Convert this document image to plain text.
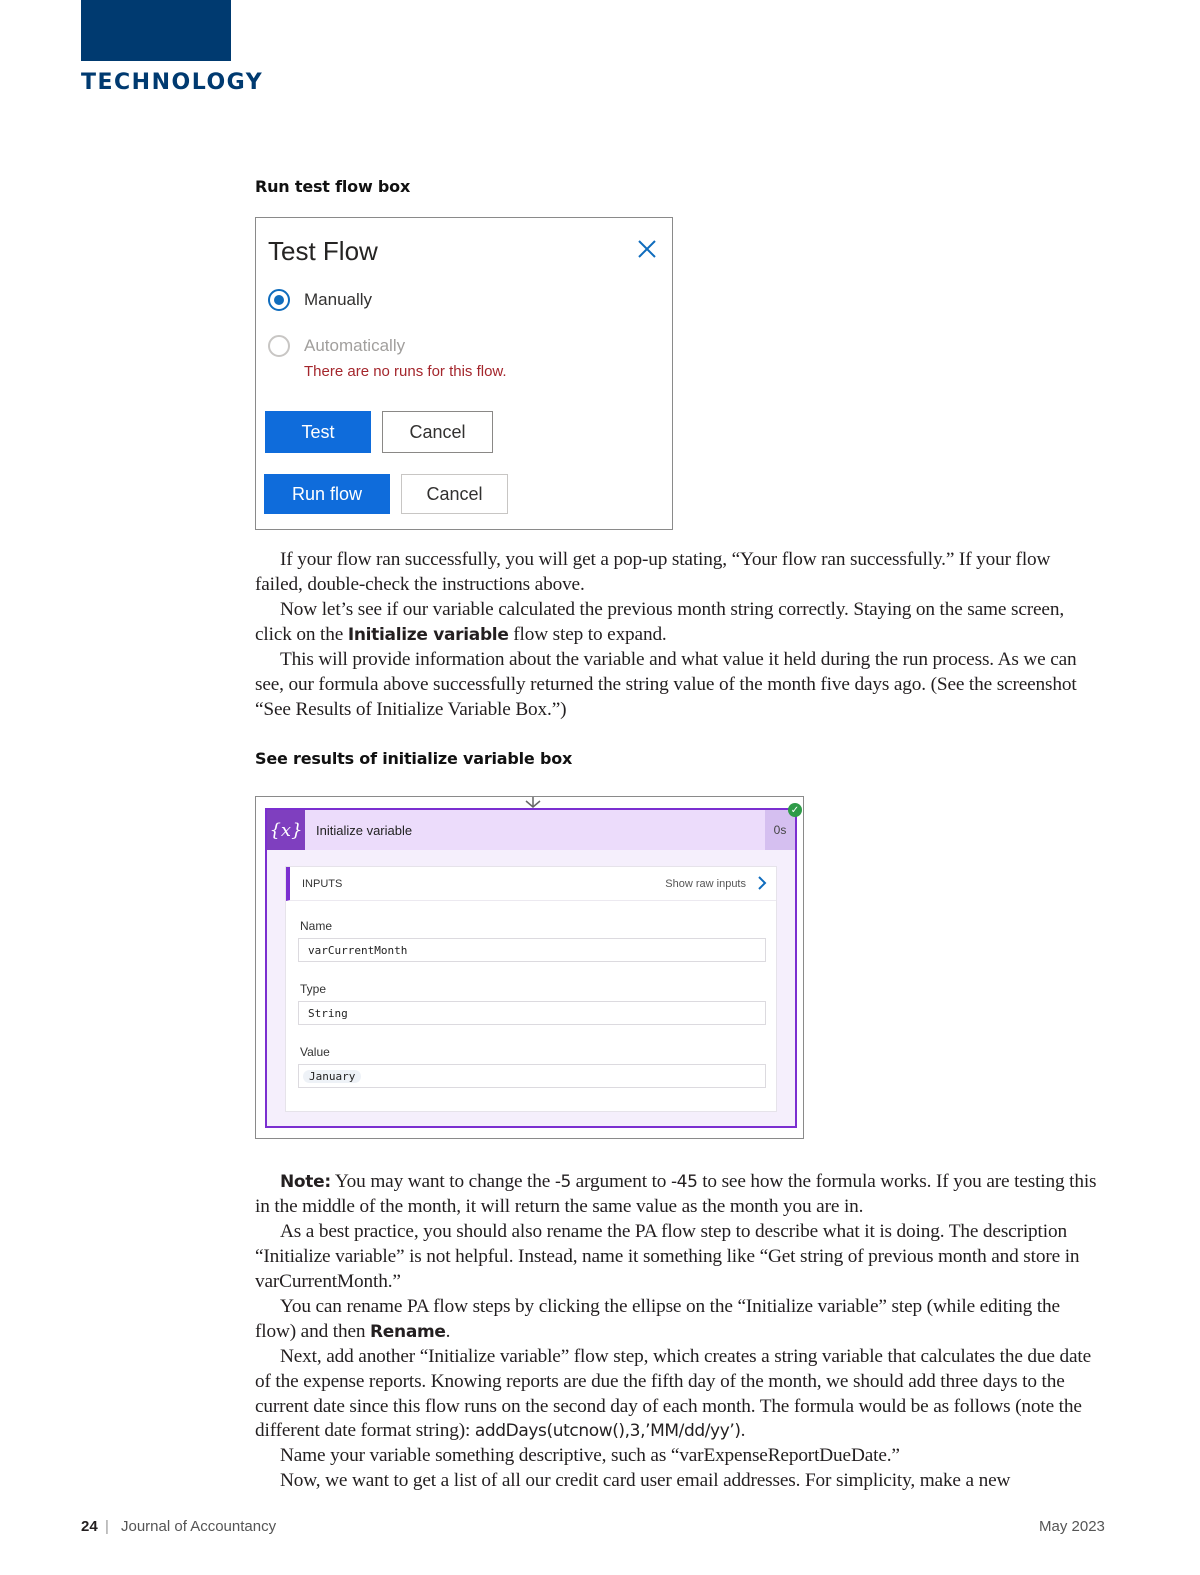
TECHNOLOGY
Run test flow box
Test Flow
Manually
Automatically
There are no runs for this flow.
Test	Cancel
Run flow	Cancel

If your flow ran successfully, you will get a pop-up stating, “Your flow ran successfully.” If your flow failed, double-check the instructions above.

Now let’s see if our variable calculated the previous month string correctly. Staying on the same screen, click on the Initialize variable flow step to expand.

This will provide information about the variable and what value it held during the run process. As we can see, our formula above successfully returned the string value of the month five days ago. (See the screenshot “See Results of Initialize Variable Box.”)

See results of initialize variable box
{x} Initialize variable	0s
INPUTS	Show raw inputs
Name
varCurrentMonth
Type
String
Value
January
✓

Note: You may want to change the -5 argument to -45 to see how the formula works. If you are testing this in the middle of the month, it will return the same value as the month you are in.

As a best practice, you should also rename the PA flow step to describe what it is doing. The description “Initialize variable” is not helpful. Instead, name it something like “Get string of previous month and store in varCurrentMonth.”

You can rename PA flow steps by clicking the ellipse on the “Initialize variable” step (while editing the flow) and then Rename.

Next, add another “Initialize variable” flow step, which creates a string variable that calculates the due date of the expense reports. Knowing reports are due the fifth day of the month, we should add three days to the current date since this flow runs on the second day of each month. The formula would be as follows (note the different date format string): addDays(utcnow(),3,’MM/dd/yy’).

Name your variable something descriptive, such as “varExpenseReportDueDate.”

Now, we want to get a list of all our credit card user email addresses. For simplicity, make a new

24 | Journal of Accountancy	May 2023
